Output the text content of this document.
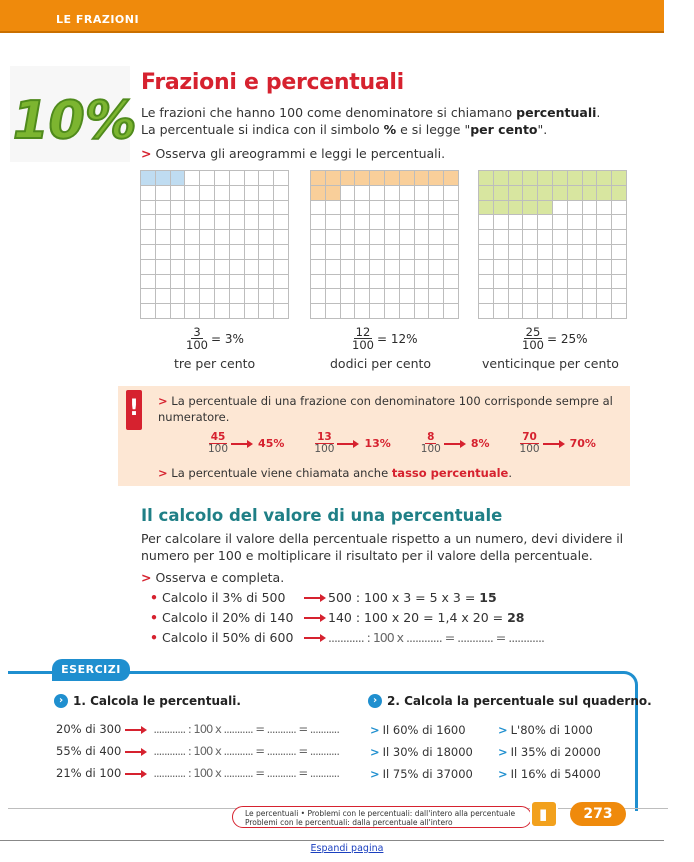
LE FRAZIONI
10%
Frazioni e percentuali
Le frazioni che hanno 100 come denominatore si chiamano percentuali.
La percentuale si indica con il simbolo % e si legge "per cento".
> Osserva gli areogrammi e leggi le percentuali.
$\frac{3}{100} = 3\%$	$\frac{12}{100} = 12\%$	$\frac{25}{100} = 25\%$
tre per cento	dodici per cento	venticinque per cento
! > La percentuale di una frazione con denominatore 100 corrisponde sempre al numeratore.
$\frac{45}{100}$	45%	$\frac{13}{100}$	13%	$\frac{8}{100}$	8%	$\frac{70}{100}$	70%
> La percentuale viene chiamata anche tasso percentuale.
Il calcolo del valore di una percentuale
Per calcolare il valore della percentuale rispetto a un numero, devi dividere il numero per 100 e moltiplicare il risultato per il valore della percentuale.
> Osserva e completa.
• Calcolo il 3% di 500	500 : 100 x 3 = 5 x 3 = 15
• Calcolo il 20% di 140	140 : 100 x 20 = 1,4 x 20 = 28
• Calcolo il 50% di 600	............ : 100 x ............ = ............ = ............
ESERCIZI
› 1. Calcola le percentuali.	› 2. Calcola la percentuale sul quaderno.
20% di 300	............ : 100 x ........... = ........... = ...........
55% di 400	............ : 100 x ........... = ........... = ...........
21% di 100	............ : 100 x ........... = ........... = ...........
> Il 60% di 1600	> L'80% di 1000
> Il 30% di 18000 > Il 35% di 20000
> Il 75% di 37000 > Il 16% di 54000
Le percentuali • Problemi con le percentuali: dall'intero alla percentuale
Problemi con le percentuali: dalla percentuale all'intero	▮	273
Espandi pagina
